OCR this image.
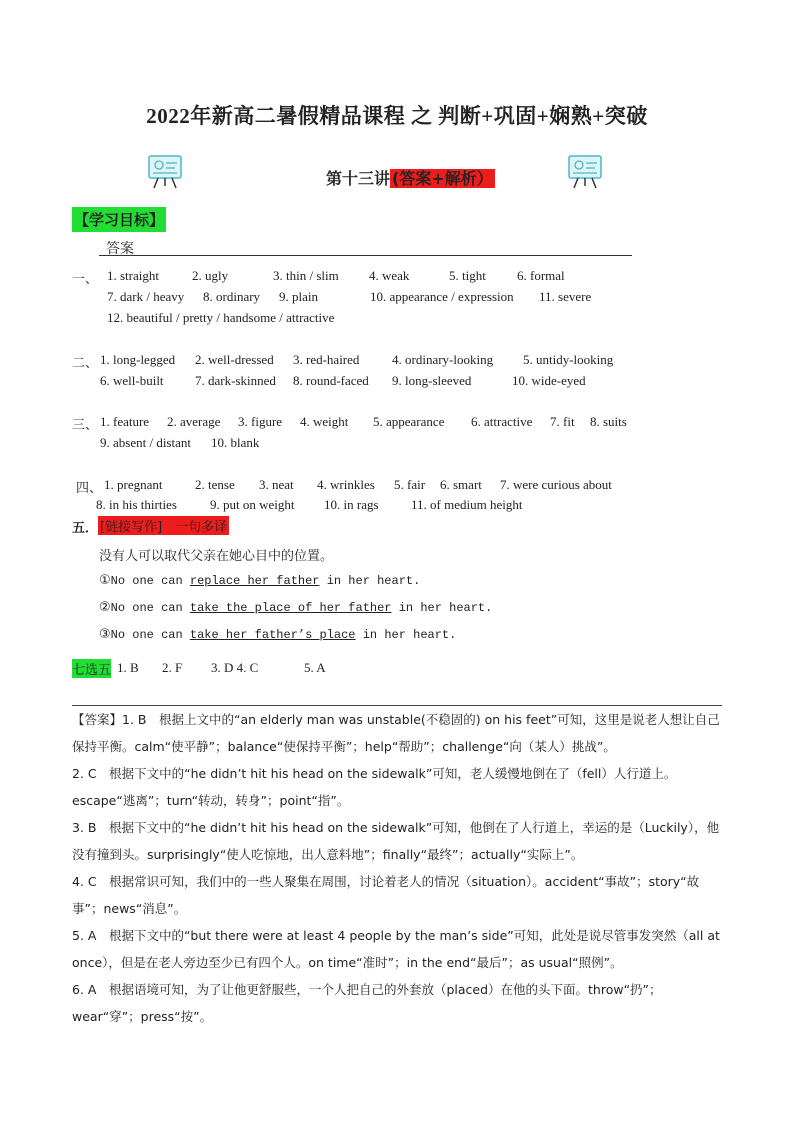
2022年新高二暑假精品课程 之 判断+巩固+娴熟+突破
第十三讲 (答案+解析）
【学习目标】
答案
一、 1. straight	2. ugly	3. thin / slim 4. weak	5. tight 6. formal
7. dark / heavy 8. ordinary 9. plain	10. appearance / expression 11. severe
12. beautiful / pretty / handsome / attractive
二、 1. long-legged 2. well-dressed 3. red-haired	4. ordinary-looking 5. untidy-looking
6. well-built 7. dark-skinned 8. round-faced 9. long-sleeved	10. wide-eyed
三、 1. feature 2. average 3. figure 4. weight 5. appearance 6. attractive 7. fit 8. suits
9. absent / distant 10. blank
四、 1. pregnant	2. tense 3. neat 4. wrinkles 5. fair 6. smart 7. were curious about
8. in his thirties	9. put on weight 10. in rags 11. of medium height
五． [链接写作]　一句多译
没有人可以取代父亲在她心目中的位置。
①No one can replace her father in her heart.
②No one can take the place of her father in her heart.
③No one can take her father’s place in her heart.
七选五 1. B 2. F 3. D 4. C	5. A
【答案】1. B　根据上文中的“an elderly man was unstable(不稳固的) on his feet”可知，这里是说老人想让自己保持平衡。calm“使平静”；balance“使保持平衡”；help“帮助”；challenge“向（某人）挑战”。
2. C　根据下文中的“he didn’t hit his head on the sidewalk”可知，老人缓慢地倒在了（fell）人行道上。escape“逃离”；turn“转动，转身”；point“指”。
3. B　根据下文中的“he didn’t hit his head on the sidewalk”可知，他倒在了人行道上，幸运的是（Luckily），他没有撞到头。surprisingly“使人吃惊地，出人意料地”；finally“最终”；actually“实际上”。
4. C　根据常识可知，我们中的一些人聚集在周围，讨论着老人的情况（situation）。accident“事故”；story“故事”；news“消息”。
5. A　根据下文中的“but there were at least 4 people by the man’s side”可知，此处是说尽管事发突然（all at once），但是在老人旁边至少已有四个人。on time“准时”；in the end“最后”；as usual“照例”。
6. A　根据语境可知，为了让他更舒服些，一个人把自己的外套放（placed）在他的头下面。throw“扔”；wear“穿”；press“按”。
